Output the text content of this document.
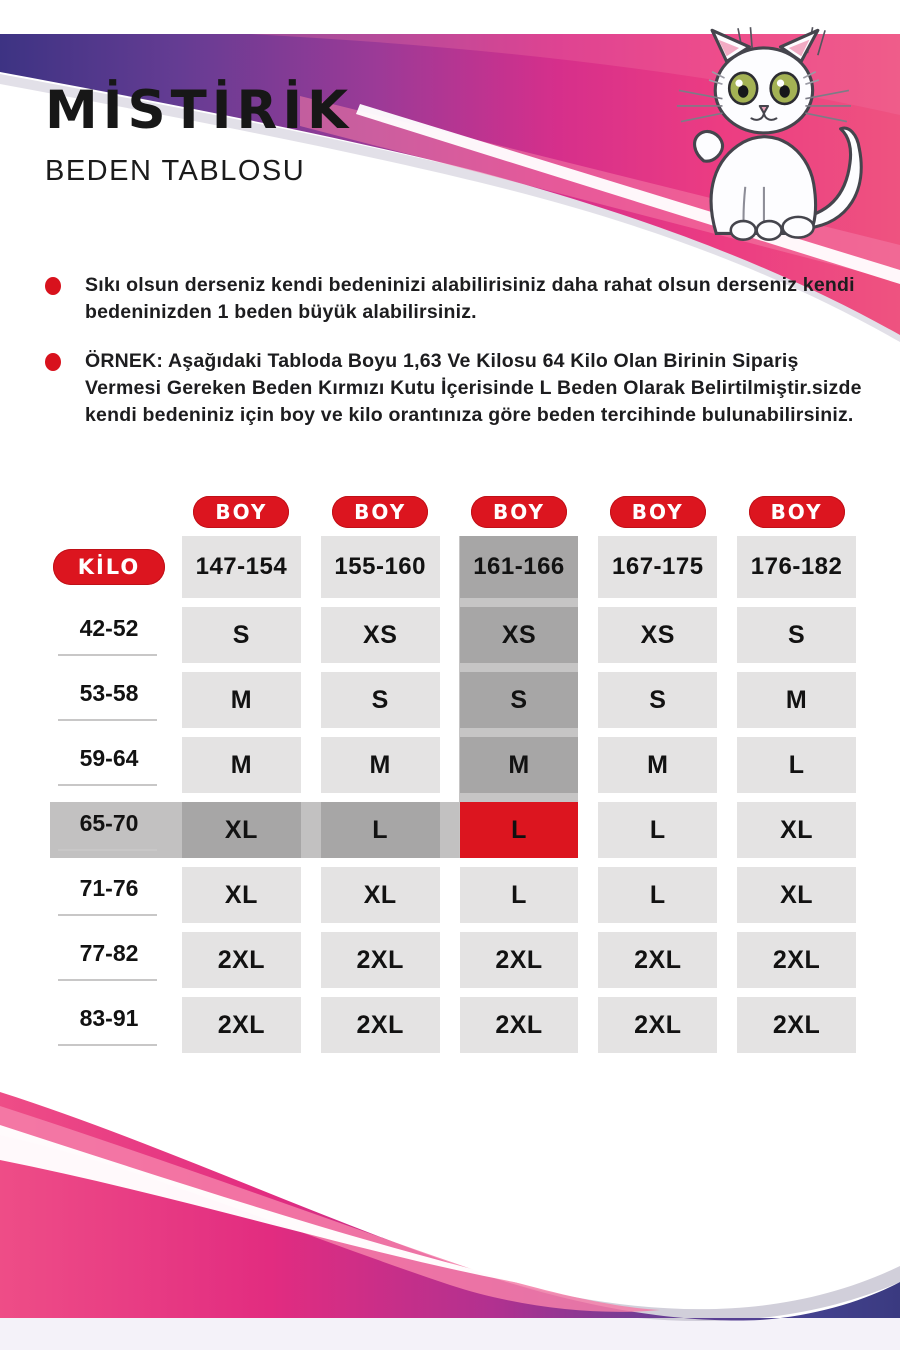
MİSTİRİK
BEDEN TABLOSU

Sıkı olsun derseniz kendi bedeninizi alabilirisiniz daha rahat olsun derseniz kendi bedeninizden 1 beden büyük alabilirsiniz.

ÖRNEK: Aşağıdaki Tabloda Boyu 1,63 Ve Kilosu 64 Kilo Olan Birinin Sipariş Vermesi Gereken Beden Kırmızı Kutu İçerisinde L Beden Olarak Belirtilmiştir.sizde kendi bedeniniz için boy ve kilo orantınıza göre beden tercihinde bulunabilirsiniz.

BOY	BOY	BOY	BOY	BOY
KİLO	147-154	155-160	161-166	167-175	176-182
42-52	S	XS	XS	XS	S
53-58	M	S	S	S	M
59-64	M	M	M	M	L
65-70	XL	L	L	L	XL
71-76	XL	XL	L	L	XL
77-82	2XL	2XL	2XL	2XL	2XL
83-91	2XL	2XL	2XL	2XL	2XL
